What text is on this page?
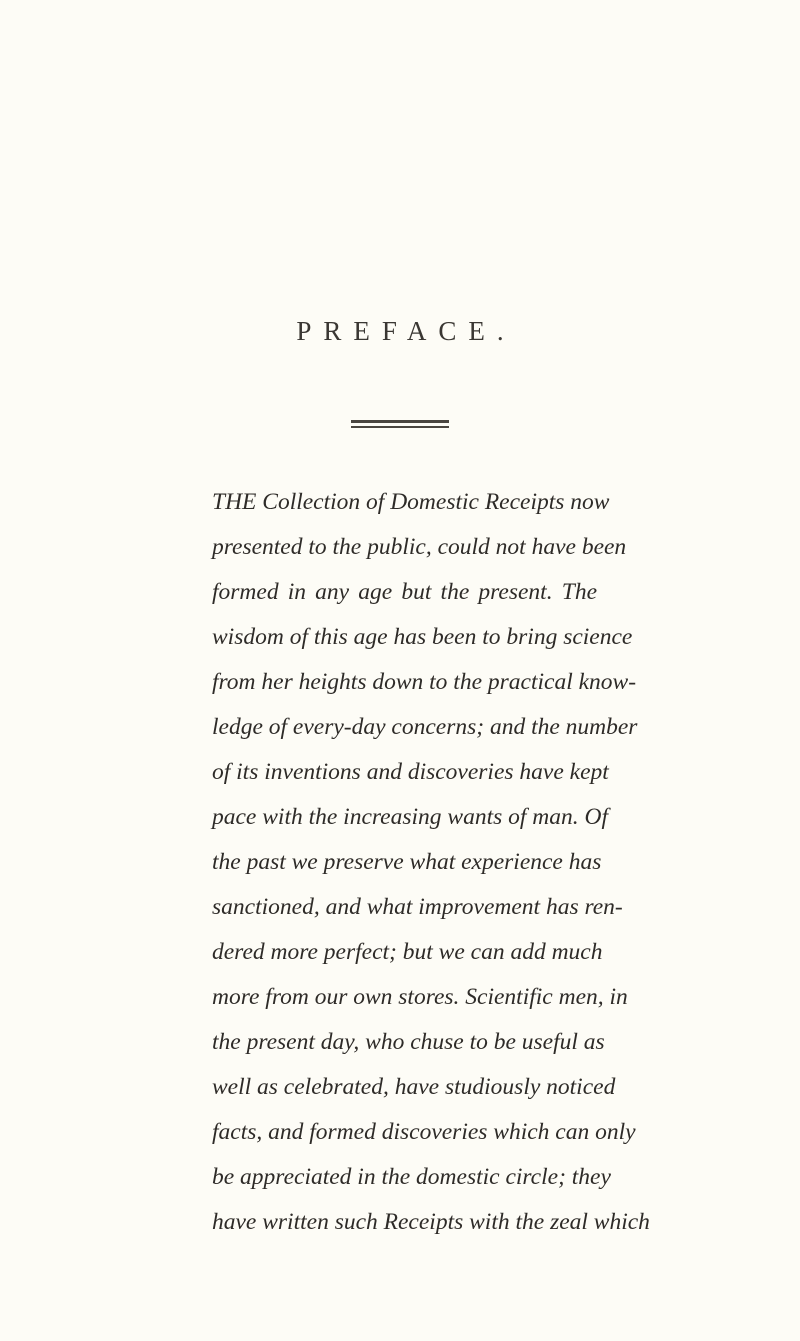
PREFACE.
THE Collection of Domestic Receipts now
presented to the public, could not have been
formed in any age but the present. The
wisdom of this age has been to bring science
from her heights down to the practical know-
ledge of every-day concerns; and the number
of its inventions and discoveries have kept
pace with the increasing wants of man. Of
the past we preserve what experience has
sanctioned, and what improvement has ren-
dered more perfect; but we can add much
more from our own stores. Scientific men, in
the present day, who chuse to be useful as
well as celebrated, have studiously noticed
facts, and formed discoveries which can only
be appreciated in the domestic circle; they
have written such Receipts with the zeal which
